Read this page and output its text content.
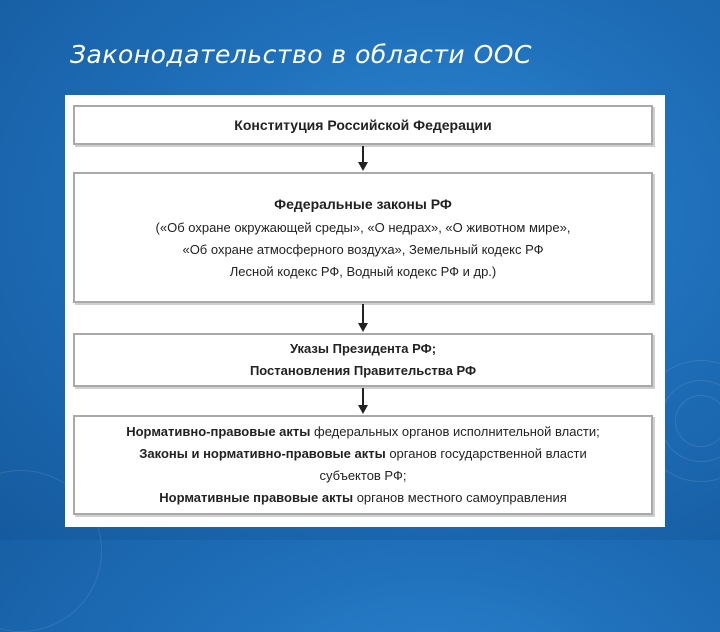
Законодательство в области ООС
Конституция Российской Федерации
Федеральные законы РФ
(«Об охране окружающей среды», «О недрах», «О животном мире»,
«Об охране атмосферного воздуха», Земельный кодекс РФ
Лесной кодекс РФ, Водный кодекс РФ и др.)
Указы Президента РФ;
Постановления Правительства РФ
Нормативно-правовые акты федеральных органов исполнительной власти;
Законы и нормативно-правовые акты органов государственной власти
субъектов РФ;
Нормативные правовые акты органов местного самоуправления
